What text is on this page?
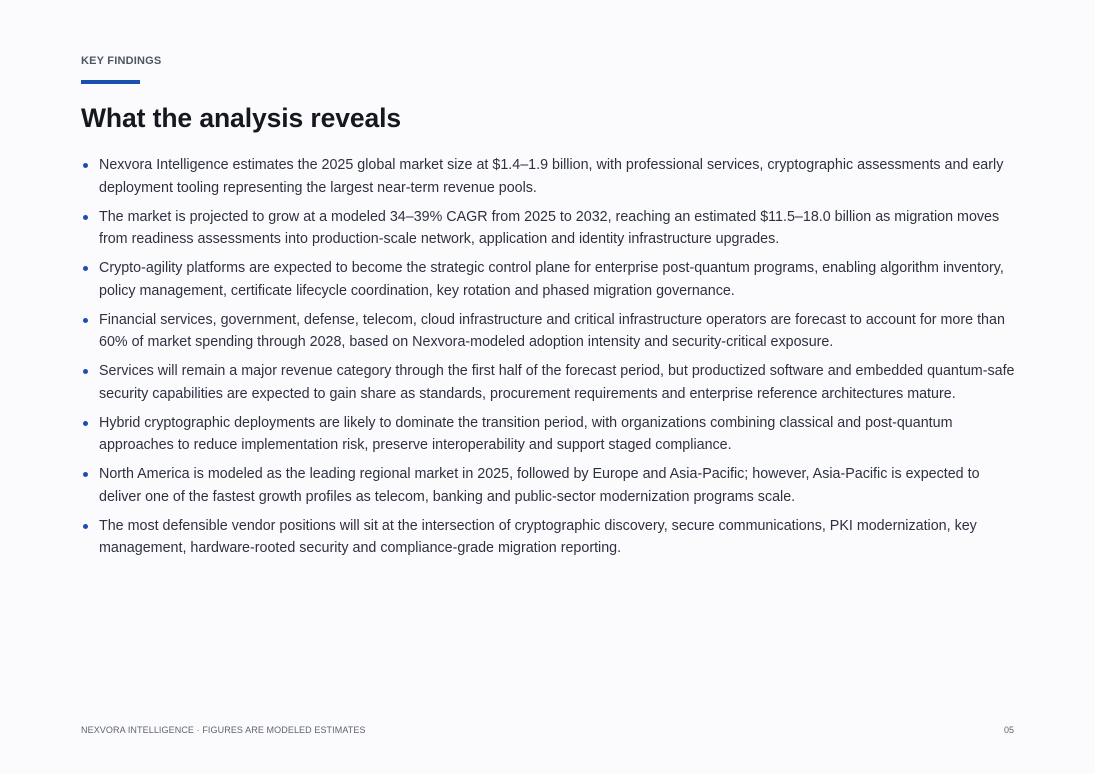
KEY FINDINGS
What the analysis reveals
Nexvora Intelligence estimates the 2025 global market size at $1.4–1.9 billion, with professional services, cryptographic assessments and early deployment tooling representing the largest near-term revenue pools.
The market is projected to grow at a modeled 34–39% CAGR from 2025 to 2032, reaching an estimated $11.5–18.0 billion as migration moves from readiness assessments into production-scale network, application and identity infrastructure upgrades.
Crypto-agility platforms are expected to become the strategic control plane for enterprise post-quantum programs, enabling algorithm inventory, policy management, certificate lifecycle coordination, key rotation and phased migration governance.
Financial services, government, defense, telecom, cloud infrastructure and critical infrastructure operators are forecast to account for more than 60% of market spending through 2028, based on Nexvora-modeled adoption intensity and security-critical exposure.
Services will remain a major revenue category through the first half of the forecast period, but productized software and embedded quantum-safe security capabilities are expected to gain share as standards, procurement requirements and enterprise reference architectures mature.
Hybrid cryptographic deployments are likely to dominate the transition period, with organizations combining classical and post-quantum approaches to reduce implementation risk, preserve interoperability and support staged compliance.
North America is modeled as the leading regional market in 2025, followed by Europe and Asia-Pacific; however, Asia-Pacific is expected to deliver one of the fastest growth profiles as telecom, banking and public-sector modernization programs scale.
The most defensible vendor positions will sit at the intersection of cryptographic discovery, secure communications, PKI modernization, key management, hardware-rooted security and compliance-grade migration reporting.
NEXVORA INTELLIGENCE · FIGURES ARE MODELED ESTIMATES	05
